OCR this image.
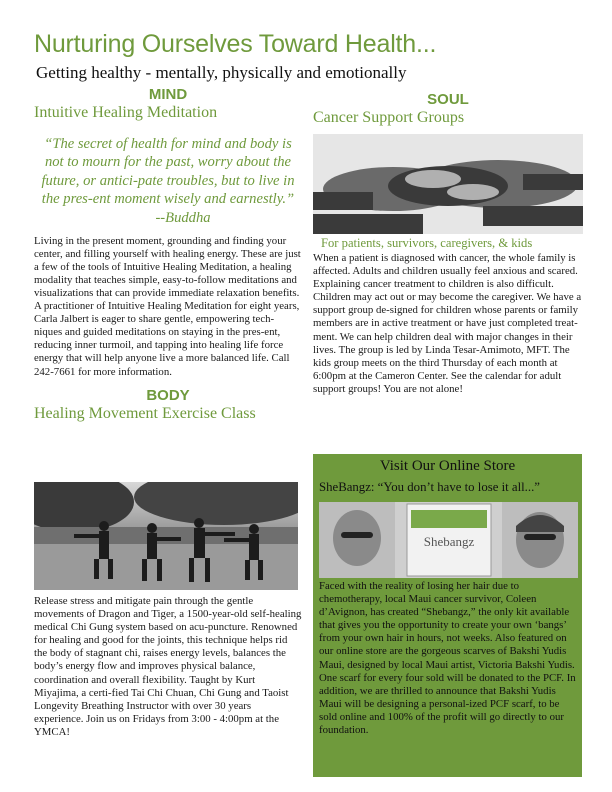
Nurturing Ourselves Toward Health...
Getting healthy - mentally, physically and emotionally
MIND
Intuitive Healing Meditation
“The secret of health for mind and body is not to mourn for the past, worry about the future, or antici-pate troubles, but to live in the pres-ent moment wisely and earnestly.”
--Buddha
Living in the present moment, grounding and finding your center, and filling yourself with healing energy. These are just a few of the tools of Intuitive Healing Meditation, a healing modality that teaches simple, easy-to-follow meditations and visualizations that can provide immediate relaxation benefits. A practitioner of Intuitive Healing Meditation for eight years, Carla Jalbert is eager to share gentle, empowering tech-niques and guided meditations on staying in the pres-ent, reducing inner turmoil, and tapping into healing life force energy that will help anyone live a more balanced life. Call 242-7661 for more information.
BODY
Healing Movement Exercise Class
Release stress and mitigate pain through the gentle movements of Dragon and Tiger, a 1500-year-old self-healing medical Chi Gung system based on acu-puncture. Renowned for healing and good for the joints, this technique helps rid the body of stagnant chi, raises energy levels, balances the body’s energy flow and improves physical balance, coordination and overall flexibility. Taught by Kurt Miyajima, a certi-fied Tai Chi Chuan, Chi Gung and Taoist Longevity Breathing Instructor with over 30 years experience. Join us on Fridays from 3:00 - 4:00pm at the YMCA!
SOUL
Cancer Support Groups
For patients, survivors, caregivers, & kids
When a patient is diagnosed with cancer, the whole family is affected. Adults and children usually feel anxious and scared. Explaining cancer treatment to children is also difficult. Children may act out or may become the caregiver. We have a support group de-signed for children whose parents or family members are in active treatment or have just completed treat-ment. We can help children deal with major changes in their lives. The group is led by Linda Tesar-Amimoto, MFT. The kids group meets on the third Thursday of each month at 6:00pm at the Cameron Center. See the calendar for adult support groups! You are not alone!
Visit Our Online Store
SheBangz: “You don’t have to lose it all...”
Shebangz
Faced with the reality of losing her hair due to chemotherapy, local Maui cancer survivor, Coleen d’Avignon, has created “Shebangz,” the only kit available that gives you the opportunity to create your own ‘bangs’ from your own hair in hours, not weeks. Also featured on our online store are the gorgeous scarves of Bakshi Yudis Maui, designed by local Maui artist, Victoria Bakshi Yudis. One scarf for every four sold will be donated to the PCF. In addition, we are thrilled to announce that Bakshi Yudis Maui will be designing a personal-ized PCF scarf, to be sold online and 100% of the profit will go directly to our foundation.
